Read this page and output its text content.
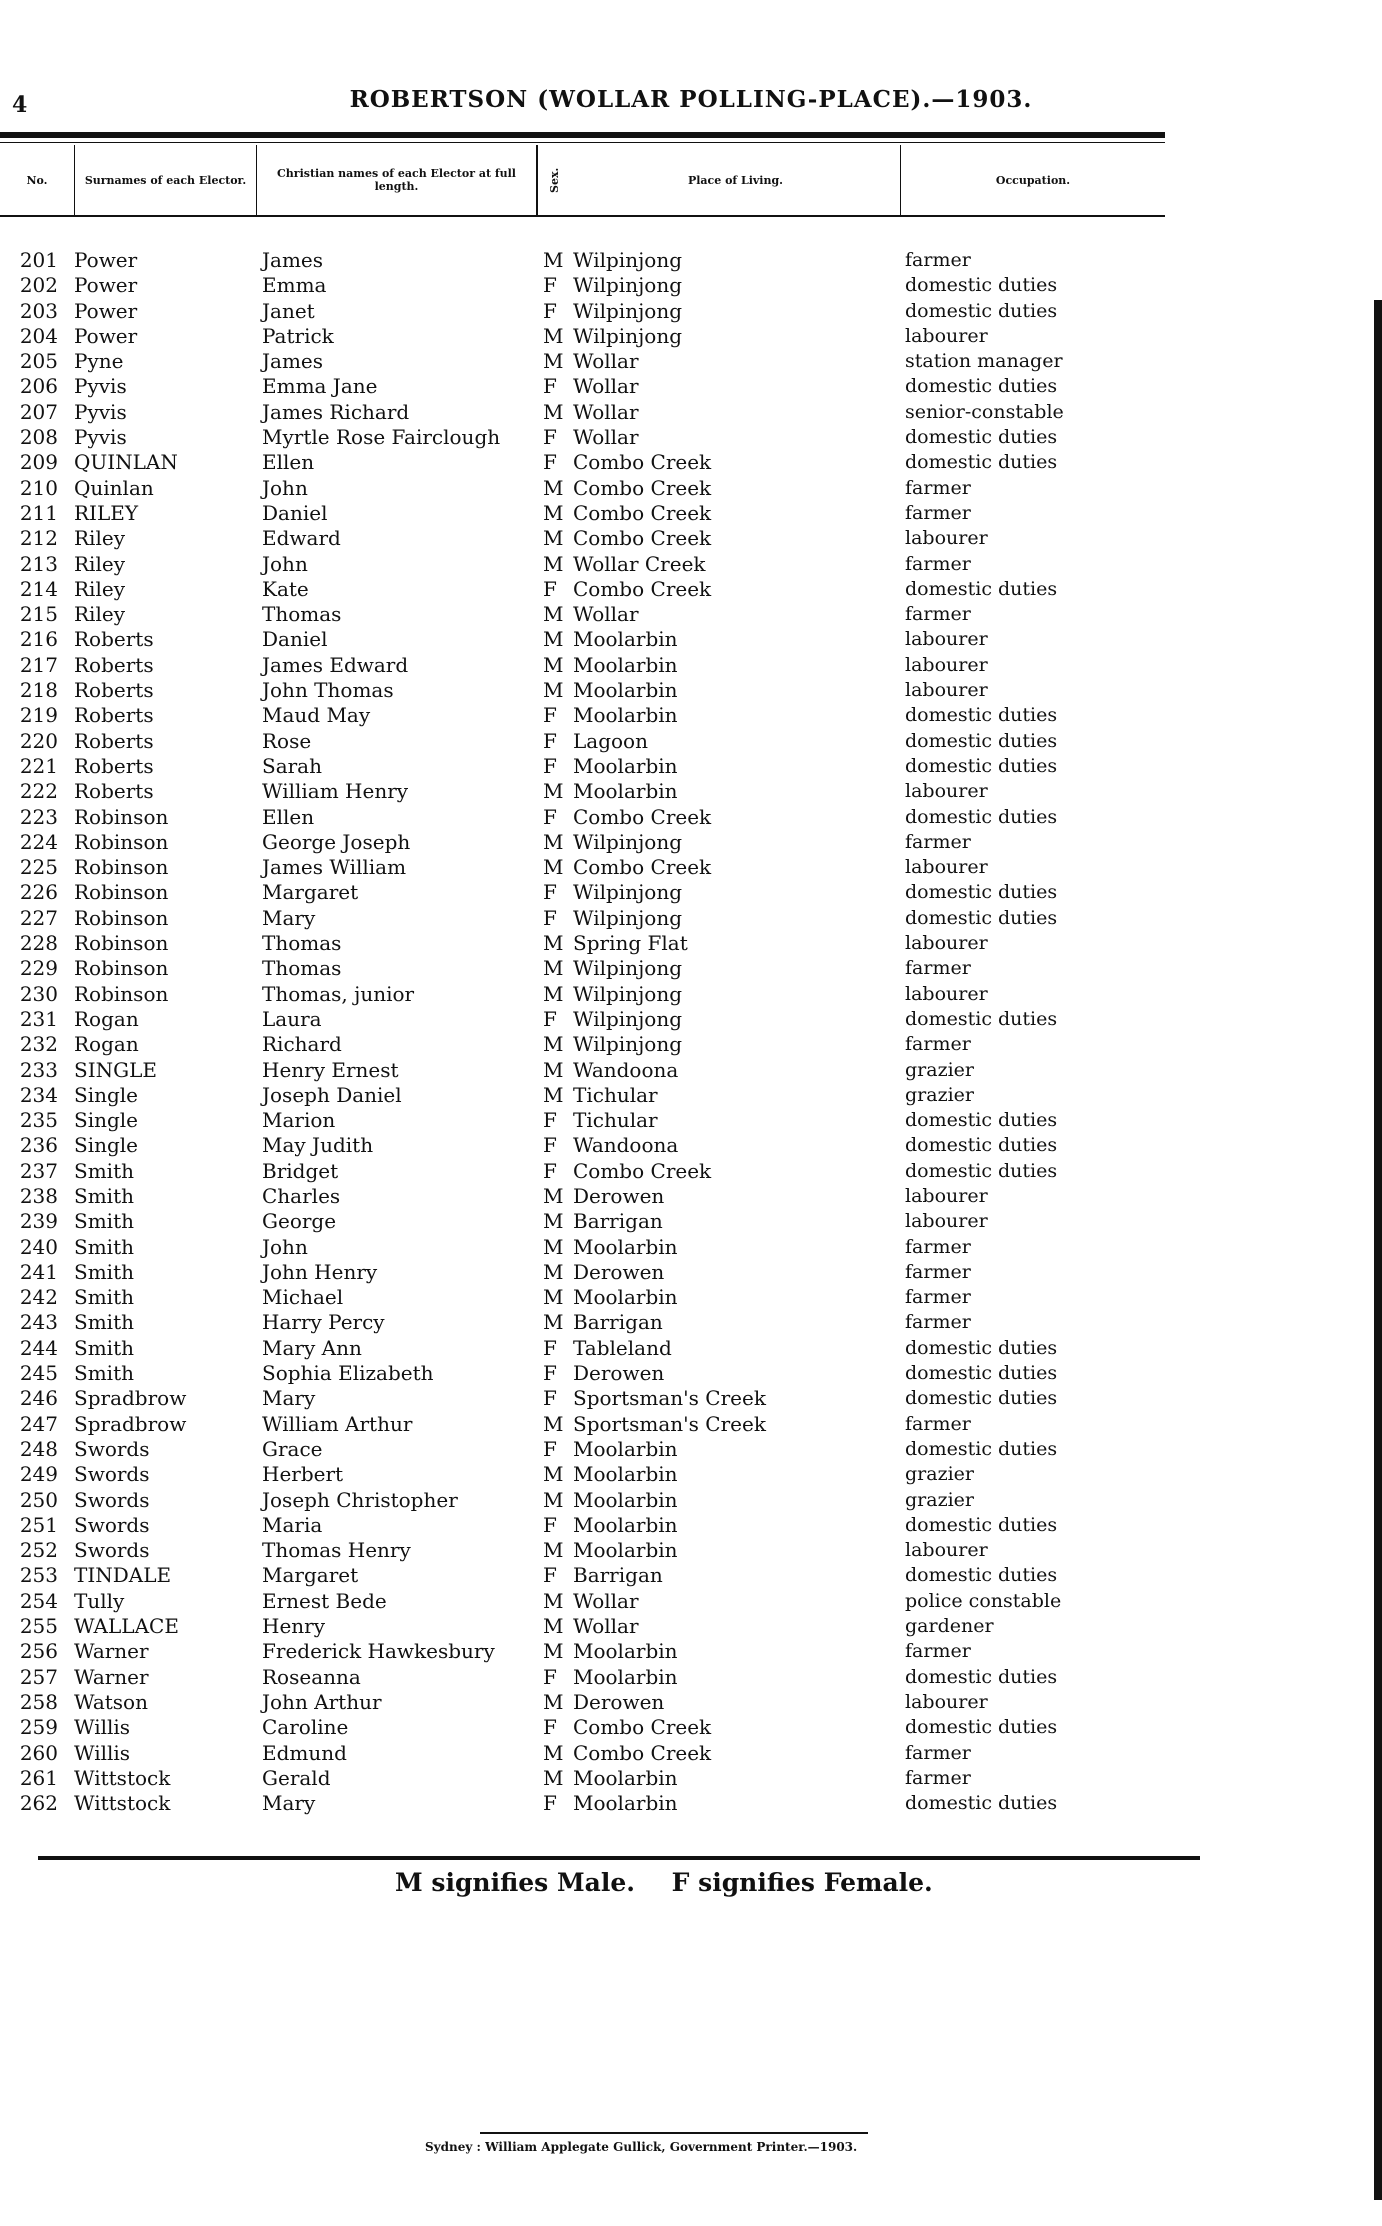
4	ROBERTSON (WOLLAR POLLING-PLACE).—1903.
No.	Surnames of each Elector.	Christian names of each Elector at full length.	Sex.	Place of Living.	Occupation.
201 Power	James	M Wilpinjong	farmer
202 Power	Emma	F Wilpinjong	domestic duties
203 Power	Janet	F Wilpinjong	domestic duties
204 Power	Patrick	M Wilpinjong	labourer
205 Pyne	James	M Wollar	station manager
206 Pyvis	Emma Jane	F Wollar	domestic duties
207 Pyvis	James Richard	M Wollar	senior-constable
208 Pyvis	Myrtle Rose Fairclough F Wollar	domestic duties
209 QUINLAN	Ellen	F Combo Creek	domestic duties
210 Quinlan	John	M Combo Creek	farmer
211 RILEY	Daniel	M Combo Creek	farmer
212 Riley	Edward	M Combo Creek	labourer
213 Riley	John	M Wollar Creek	farmer
214 Riley	Kate	F Combo Creek	domestic duties
215 Riley	Thomas	M Wollar	farmer
216 Roberts	Daniel	M Moolarbin	labourer
217 Roberts	James Edward	M Moolarbin	labourer
218 Roberts	John Thomas	M Moolarbin	labourer
219 Roberts	Maud May	F Moolarbin	domestic duties
220 Roberts	Rose	F Lagoon	domestic duties
221 Roberts	Sarah	F Moolarbin	domestic duties
222 Roberts	William Henry	M Moolarbin	labourer
223 Robinson	Ellen	F Combo Creek	domestic duties
224 Robinson	George Joseph	M Wilpinjong	farmer
225 Robinson	James William	M Combo Creek	labourer
226 Robinson	Margaret	F Wilpinjong	domestic duties
227 Robinson	Mary	F Wilpinjong	domestic duties
228 Robinson	Thomas	M Spring Flat	labourer
229 Robinson	Thomas	M Wilpinjong	farmer
230 Robinson	Thomas, junior	M Wilpinjong	labourer
231 Rogan	Laura	F Wilpinjong	domestic duties
232 Rogan	Richard	M Wilpinjong	farmer
233 SINGLE	Henry Ernest	M Wandoona	grazier
234 Single	Joseph Daniel	M Tichular	grazier
235 Single	Marion	F Tichular	domestic duties
236 Single	May Judith	F Wandoona	domestic duties
237 Smith	Bridget	F Combo Creek	domestic duties
238 Smith	Charles	M Derowen	labourer
239 Smith	George	M Barrigan	labourer
240 Smith	John	M Moolarbin	farmer
241 Smith	John Henry	M Derowen	farmer
242 Smith	Michael	M Moolarbin	farmer
243 Smith	Harry Percy	M Barrigan	farmer
244 Smith	Mary Ann	F Tableland	domestic duties
245 Smith	Sophia Elizabeth	F Derowen	domestic duties
246 Spradbrow	Mary	F Sportsman's Creek	domestic duties
247 Spradbrow	William Arthur	M Sportsman's Creek	farmer
248 Swords	Grace	F Moolarbin	domestic duties
249 Swords	Herbert	M Moolarbin	grazier
250 Swords	Joseph Christopher	M Moolarbin	grazier
251 Swords	Maria	F Moolarbin	domestic duties
252 Swords	Thomas Henry	M Moolarbin	labourer
253 TINDALE	Margaret	F Barrigan	domestic duties
254 Tully	Ernest Bede	M Wollar	police constable
255 WALLACE	Henry	M Wollar	gardener
256 Warner	Frederick Hawkesbury M Moolarbin	farmer
257 Warner	Roseanna	F Moolarbin	domestic duties
258 Watson	John Arthur	M Derowen	labourer
259 Willis	Caroline	F Combo Creek	domestic duties
260 Willis	Edmund	M Combo Creek	farmer
261 Wittstock	Gerald	M Moolarbin	farmer
262 Wittstock	Mary	F Moolarbin	domestic duties
M signifies Male. F signifies Female.
Sydney : William Applegate Gullick, Government Printer.—1903.
